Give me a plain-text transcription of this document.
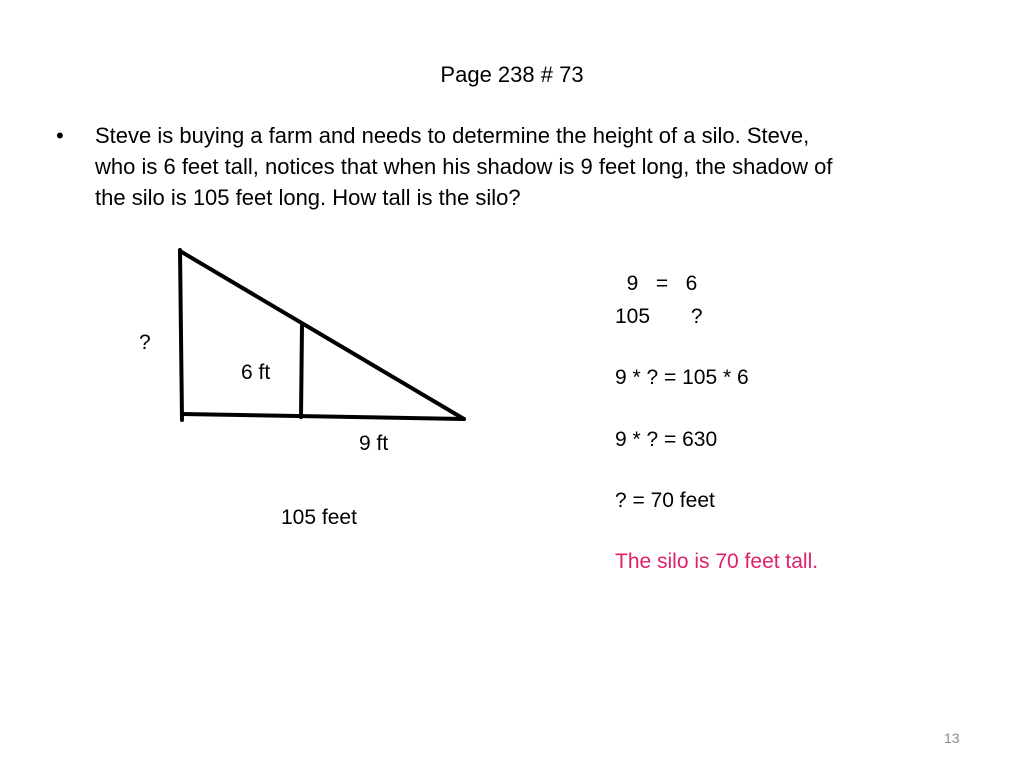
Page 238 # 73
• Steve is buying a farm and needs to determine the height of a silo. Steve,
who is 6 feet tall, notices that when his shadow is 9 feet long, the shadow of
the silo is 105 feet long. How tall is the silo?
?
6 ft
9 ft
105 feet
9   =   6
105       ?
9 * ? = 105 * 6
9 * ? = 630
? = 70 feet
The silo is 70 feet tall.
13
